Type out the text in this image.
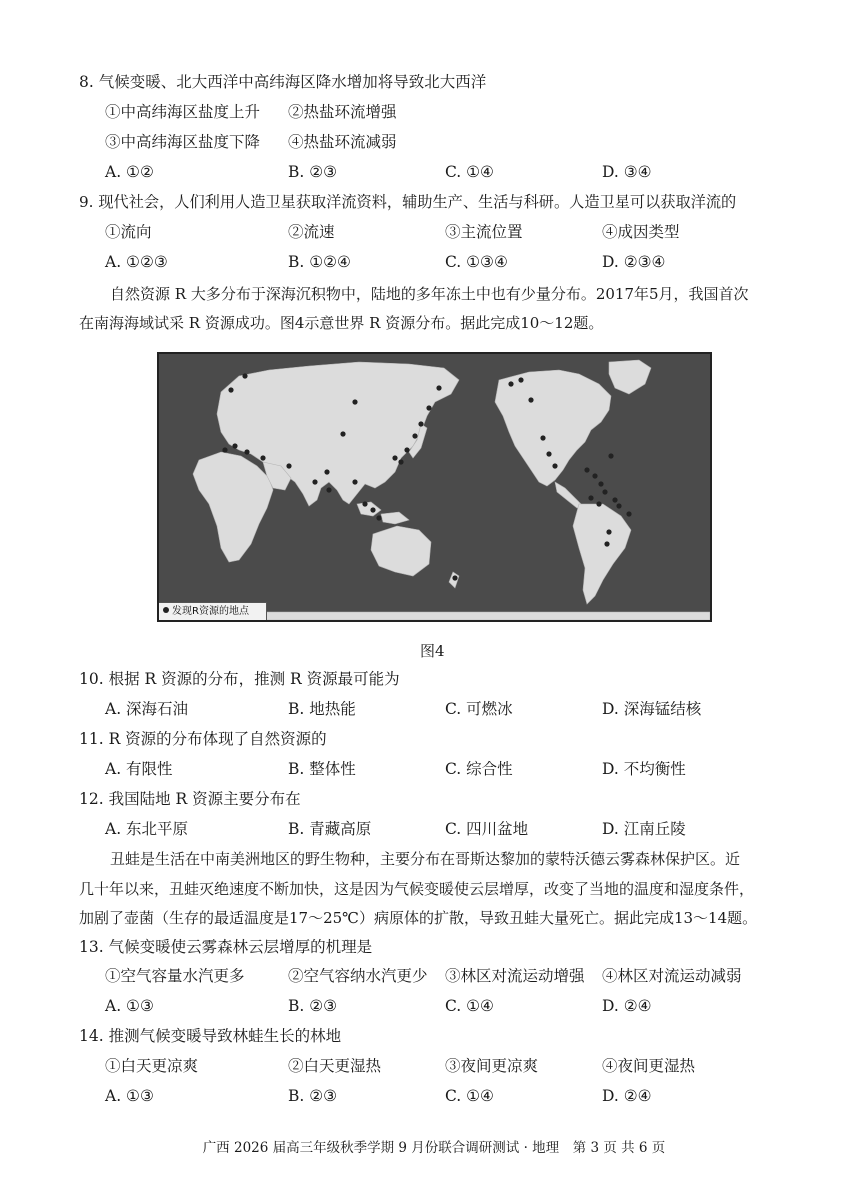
8. 气候变暖、北大西洋中高纬海区降水增加将导致北大西洋
①中高纬海区盐度上升 ②热盐环流增强
③中高纬海区盐度下降 ④热盐环流减弱
A. ①②	B. ②③	C. ①④	D. ③④
9. 现代社会，人们利用人造卫星获取洋流资料，辅助生产、生活与科研。人造卫星可以获取洋流的
①流向	②流速	③主流位置	④成因类型
A. ①②③	B. ①②④	C. ①③④	D. ②③④
自然资源 R 大多分布于深海沉积物中，陆地的多年冻土中也有少量分布。2017年5月，我国首次
在南海海域试采 R 资源成功。图4示意世界 R 资源分布。据此完成10～12题。
发现R资源的地点
图4
10. 根据 R 资源的分布，推测 R 资源最可能为
A. 深海石油	B. 地热能	C. 可燃冰	D. 深海锰结核
11. R 资源的分布体现了自然资源的
A. 有限性	B. 整体性	C. 综合性	D. 不均衡性
12. 我国陆地 R 资源主要分布在
A. 东北平原	B. 青藏高原	C. 四川盆地	D. 江南丘陵
丑蛙是生活在中南美洲地区的野生物种，主要分布在哥斯达黎加的蒙特沃德云雾森林保护区。近
几十年以来，丑蛙灭绝速度不断加快，这是因为气候变暖使云层增厚，改变了当地的温度和湿度条件，
加剧了壶菌（生存的最适温度是17～25℃）病原体的扩散，导致丑蛙大量死亡。据此完成13～14题。
13. 气候变暖使云雾森林云层增厚的机理是
①空气容量水汽更多	②空气容纳水汽更少 ③林区对流运动增强 ④林区对流运动减弱
A. ①③	B. ②③	C. ①④	D. ②④
14. 推测气候变暖导致林蛙生长的林地
①白天更凉爽	②白天更湿热	③夜间更凉爽	④夜间更湿热
A. ①③	B. ②③	C. ①④	D. ②④
广西 2026 届高三年级秋季学期 9 月份联合调研测试 · 地理　第 3 页 共 6 页
